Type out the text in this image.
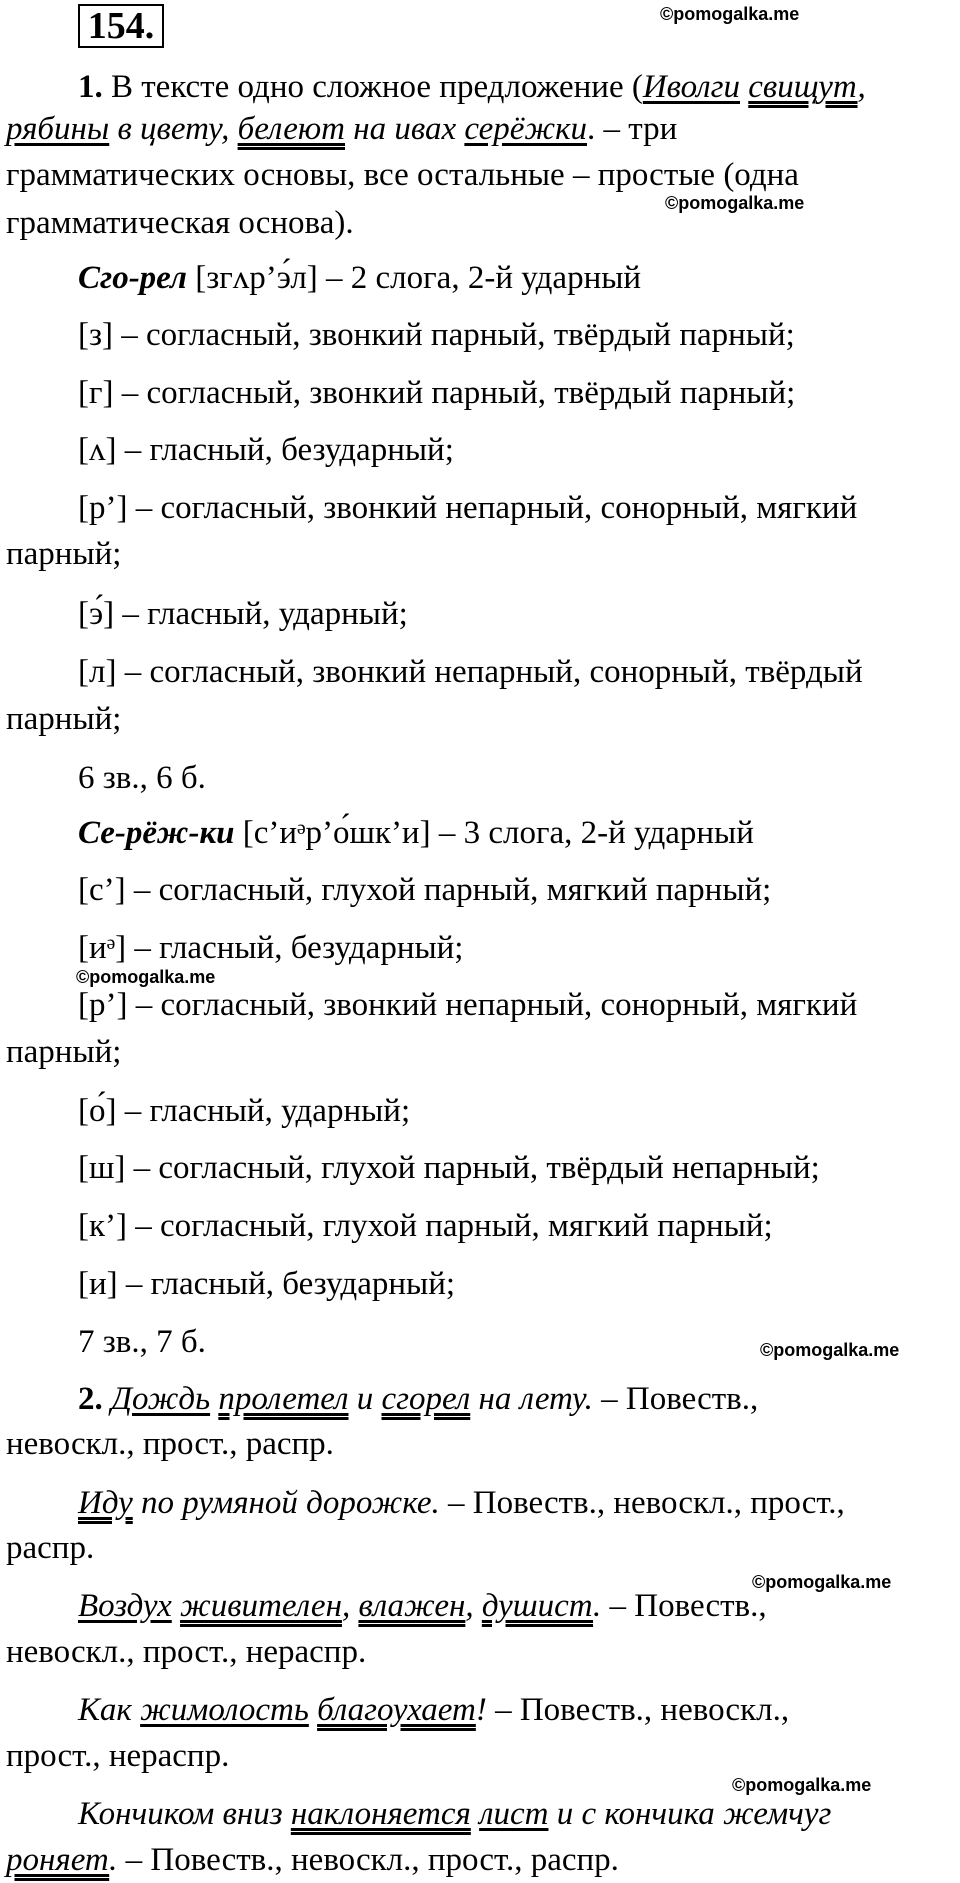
154.	©pomogalka.me
©pomogalka.me
©pomogalka.me
©pomogalka.me
©pomogalka.me
©pomogalka.me
1. В тексте одно сложное предложение (Иволги свищут,
рябины в цвету, белеют на ивах серёжки. – три
грамматических основы, все остальные – простые (одна
грамматическая основа).
Сго-рел [згʌр’э́л] – 2 слога, 2-й ударный
[з] – согласный, звонкий парный, твёрдый парный;
[г] – согласный, звонкий парный, твёрдый парный;
[ʌ] – гласный, безударный;
[р’] – согласный, звонкий непарный, сонорный, мягкий
парный;
[э́] – гласный, ударный;
[л] – согласный, звонкий непарный, сонорный, твёрдый
парный;
6 зв., 6 б.
Се-рёж-ки [с’иᵊр’о́шк’и] – 3 слога, 2-й ударный
[с’] – согласный, глухой парный, мягкий парный;
[иᵊ] – гласный, безударный;
[р’] – согласный, звонкий непарный, сонорный, мягкий
парный;
[о́] – гласный, ударный;
[ш] – согласный, глухой парный, твёрдый непарный;
[к’] – согласный, глухой парный, мягкий парный;
[и] – гласный, безударный;
7 зв., 7 б.
2. Дождь пролетел и сгорел на лету. – Повеств.,
невоскл., прост., распр.
Иду по румяной дорожке. – Повеств., невоскл., прост.,
распр.
Воздух живителен, влажен, душист. – Повеств.,
невоскл., прост., нераспр.
Как жимолость благоухает! – Повеств., невоскл.,
прост., нераспр.
Кончиком вниз наклоняется лист и с кончика жемчуг
роняет. – Повеств., невоскл., прост., распр.
